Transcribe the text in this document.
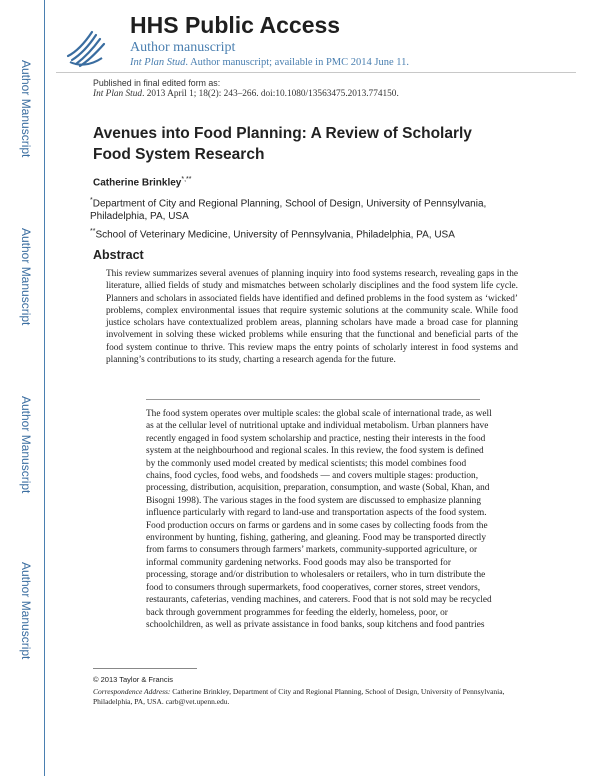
Author Manuscript
Author Manuscript
Author Manuscript
Author Manuscript
HHS Public Access
Author manuscript
Int Plan Stud. Author manuscript; available in PMC 2014 June 11.
Published in final edited form as:
Int Plan Stud. 2013 April 1; 18(2): 243–266. doi:10.1080/13563475.2013.774150.
Avenues into Food Planning: A Review of Scholarly Food System Research
Catherine Brinkley*,**
*Department of City and Regional Planning, School of Design, University of Pennsylvania, Philadelphia, PA, USA
**School of Veterinary Medicine, University of Pennsylvania, Philadelphia, PA, USA
Abstract
This review summarizes several avenues of planning inquiry into food systems research, revealing gaps in the literature, allied fields of study and mismatches between scholarly disciplines and the food system life cycle. Planners and scholars in associated fields have identified and defined problems in the food system as ‘wicked’ problems, complex environmental issues that require systemic solutions at the community scale. While food justice scholars have contextualized problem areas, planning scholars have made a broad case for planning involvement in solving these wicked problems while ensuring that the functional and beneficial parts of the food system continue to thrive. This review maps the entry points of scholarly interest in food systems and planning’s contributions to its study, charting a research agenda for the future.
The food system operates over multiple scales: the global scale of international trade, as well
as at the cellular level of nutritional uptake and individual metabolism. Urban planners have
recently engaged in food system scholarship and practice, nesting their interests in the food
system at the neighbourhood and regional scales. In this review, the food system is defined
by the commonly used model created by medical scientists; this model combines food
chains, food cycles, food webs, and foodsheds — and covers multiple stages: production,
processing, distribution, acquisition, preparation, consumption, and waste (Sobal, Khan, and
Bisogni 1998). The various stages in the food system are discussed to emphasize planning
influence particularly with regard to land-use and transportation aspects of the food system.
Food production occurs on farms or gardens and in some cases by collecting foods from the
environment by hunting, fishing, gathering, and gleaning. Food may be transported directly
from farms to consumers through farmers’ markets, community-supported agriculture, or
informal community gardening networks. Food goods may also be transported for
processing, storage and/or distribution to wholesalers or retailers, who in turn distribute the
food to consumers through supermarkets, food cooperatives, corner stores, street vendors,
restaurants, cafeterias, vending machines, and caterers. Food that is not sold may be recycled
back through government programmes for feeding the elderly, homeless, poor, or
schoolchildren, as well as private assistance in food banks, soup kitchens and food pantries
© 2013 Taylor & Francis
Correspondence Address: Catherine Brinkley, Department of City and Regional Planning, School of Design, University of Pennsylvania, Philadelphia, PA, USA. carb@vet.upenn.edu.
